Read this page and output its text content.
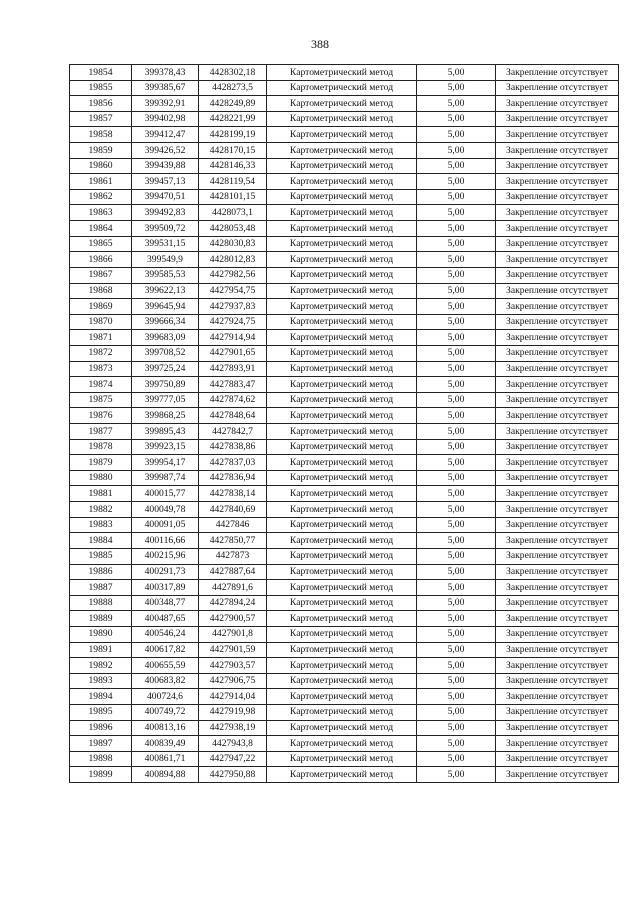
388
19854	399378,43	4428302,18	Картометрический метод	5,00	Закрепление отсутствует
19855	399385,67	4428273,5	Картометрический метод	5,00	Закрепление отсутствует
19856	399392,91	4428249,89	Картометрический метод	5,00	Закрепление отсутствует
19857	399402,98	4428221,99	Картометрический метод	5,00	Закрепление отсутствует
19858	399412,47	4428199,19	Картометрический метод	5,00	Закрепление отсутствует
19859	399426,52	4428170,15	Картометрический метод	5,00	Закрепление отсутствует
19860	399439,88	4428146,33	Картометрический метод	5,00	Закрепление отсутствует
19861	399457,13	4428119,54	Картометрический метод	5,00	Закрепление отсутствует
19862	399470,51	4428101,15	Картометрический метод	5,00	Закрепление отсутствует
19863	399492,83	4428073,1	Картометрический метод	5,00	Закрепление отсутствует
19864	399509,72	4428053,48	Картометрический метод	5,00	Закрепление отсутствует
19865	399531,15	4428030,83	Картометрический метод	5,00	Закрепление отсутствует
19866	399549,9	4428012,83	Картометрический метод	5,00	Закрепление отсутствует
19867	399585,53	4427982,56	Картометрический метод	5,00	Закрепление отсутствует
19868	399622,13	4427954,75	Картометрический метод	5,00	Закрепление отсутствует
19869	399645,94	4427937,83	Картометрический метод	5,00	Закрепление отсутствует
19870	399666,34	4427924,75	Картометрический метод	5,00	Закрепление отсутствует
19871	399683,09	4427914,94	Картометрический метод	5,00	Закрепление отсутствует
19872	399708,52	4427901,65	Картометрический метод	5,00	Закрепление отсутствует
19873	399725,24	4427893,91	Картометрический метод	5,00	Закрепление отсутствует
19874	399750,89	4427883,47	Картометрический метод	5,00	Закрепление отсутствует
19875	399777,05	4427874,62	Картометрический метод	5,00	Закрепление отсутствует
19876	399868,25	4427848,64	Картометрический метод	5,00	Закрепление отсутствует
19877	399895,43	4427842,7	Картометрический метод	5,00	Закрепление отсутствует
19878	399923,15	4427838,86	Картометрический метод	5,00	Закрепление отсутствует
19879	399954,17	4427837,03	Картометрический метод	5,00	Закрепление отсутствует
19880	399987,74	4427836,94	Картометрический метод	5,00	Закрепление отсутствует
19881	400015,77	4427838,14	Картометрический метод	5,00	Закрепление отсутствует
19882	400049,78	4427840,69	Картометрический метод	5,00	Закрепление отсутствует
19883	400091,05	4427846	Картометрический метод	5,00	Закрепление отсутствует
19884	400116,66	4427850,77	Картометрический метод	5,00	Закрепление отсутствует
19885	400215,96	4427873	Картометрический метод	5,00	Закрепление отсутствует
19886	400291,73	4427887,64	Картометрический метод	5,00	Закрепление отсутствует
19887	400317,89	4427891,6	Картометрический метод	5,00	Закрепление отсутствует
19888	400348,77	4427894,24	Картометрический метод	5,00	Закрепление отсутствует
19889	400487,65	4427900,57	Картометрический метод	5,00	Закрепление отсутствует
19890	400546,24	4427901,8	Картометрический метод	5,00	Закрепление отсутствует
19891	400617,82	4427901,59	Картометрический метод	5,00	Закрепление отсутствует
19892	400655,59	4427903,57	Картометрический метод	5,00	Закрепление отсутствует
19893	400683,82	4427906,75	Картометрический метод	5,00	Закрепление отсутствует
19894	400724,6	4427914,04	Картометрический метод	5,00	Закрепление отсутствует
19895	400749,72	4427919,98	Картометрический метод	5,00	Закрепление отсутствует
19896	400813,16	4427938,19	Картометрический метод	5,00	Закрепление отсутствует
19897	400839,49	4427943,8	Картометрический метод	5,00	Закрепление отсутствует
19898	400861,71	4427947,22	Картометрический метод	5,00	Закрепление отсутствует
19899	400894,88	4427950,88	Картометрический метод	5,00	Закрепление отсутствует
